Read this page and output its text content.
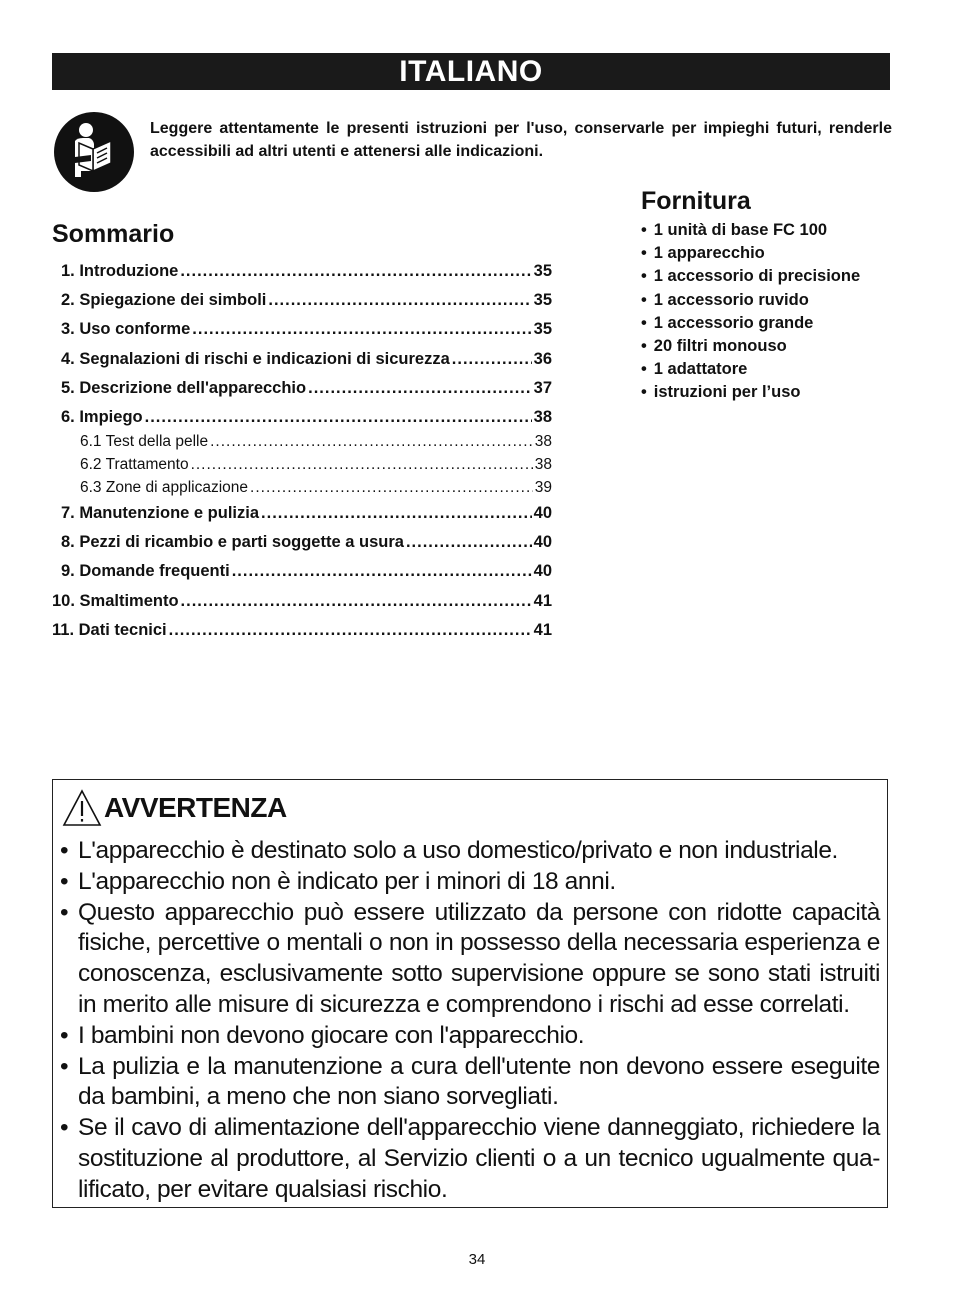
ITALIANO
Leggere attentamente le presenti istruzioni per l'uso, conservarle per impieghi futuri, renderle accessibili ad altri utenti e attenersi alle indicazioni.
Sommario
1. Introduzione .....	35
2. Spiegazione dei simboli .....	35
3. Uso conforme .....	35
4. Segnalazioni di rischi e indicazioni di sicurezza .....	36
5. Descrizione dell'apparecchio .....	37
6. Impiego .....	38
6.1 Test della pelle .....	38
6.2 Trattamento .....	38
6.3 Zone di applicazione .....	39
7. Manutenzione e pulizia .....	40
8. Pezzi di ricambio e parti soggette a usura .....	40
9. Domande frequenti .....	40
10. Smaltimento .....	41
11. Dati tecnici .....	41
Fornitura
• 1 unità di base FC 100
• 1 apparecchio
• 1 accessorio di precisione
• 1 accessorio ruvido
• 1 accessorio grande
• 20 filtri monouso
• 1 adattatore
• istruzioni per l’uso
AVVERTENZA
• L'apparecchio è destinato solo a uso domestico/privato e non industriale.
• L'apparecchio non è indicato per i minori di 18 anni.
• Questo apparecchio può essere utilizzato da persone con ridotte capacità fisiche, percettive o mentali o non in possesso della necessaria esperienza e conoscenza, esclusivamente sotto supervisione oppure se sono stati istruiti in merito alle misure di sicurezza e comprendono i rischi ad esse correlati.
• I bambini non devono giocare con l'apparecchio.
• La pulizia e la manutenzione a cura dell'utente non devono essere eseguite da bambini, a meno che non siano sorvegliati.
• Se il cavo di alimentazione dell'apparecchio viene danneggiato, richiedere la sostituzione al produttore, al Servizio clienti o a un tecnico ugualmente qua-lificato, per evitare qualsiasi rischio.
34
